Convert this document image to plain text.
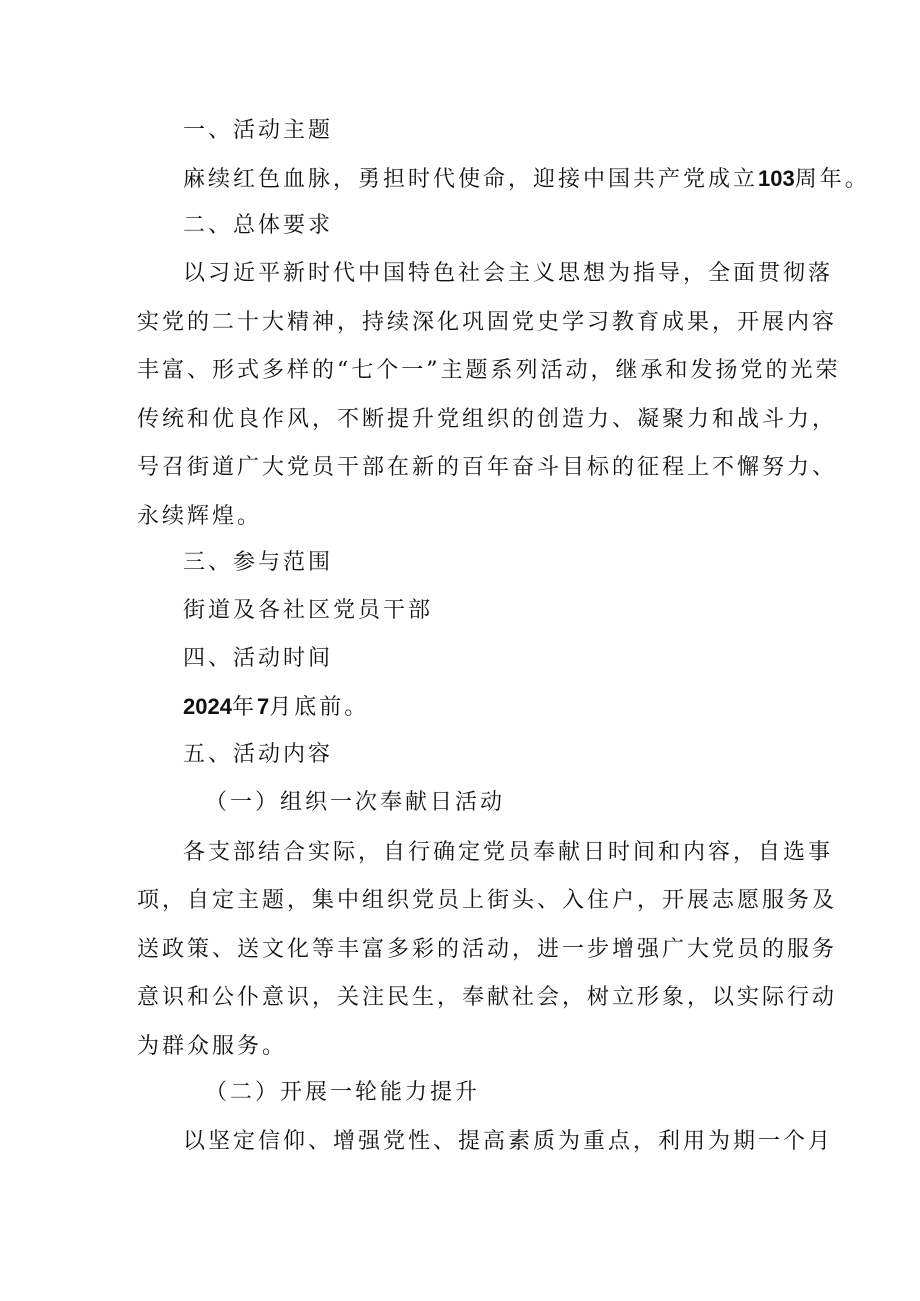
一、活动主题
麻续红色血脉，勇担时代使命，迎接中国共产党成立103周年。
二、总体要求
以习近平新时代中国特色社会主义思想为指导，全面贯彻落
实党的二十大精神，持续深化巩固党史学习教育成果，开展内容
丰富、形式多样的“七个一”主题系列活动，继承和发扬党的光荣
传统和优良作风，不断提升党组织的创造力、凝聚力和战斗力，
号召街道广大党员干部在新的百年奋斗目标的征程上不懈努力、
永续辉煌。
三、参与范围
街道及各社区党员干部
四、活动时间
2024年7月底前。
五、活动内容
（一）组织一次奉献日活动
各支部结合实际，自行确定党员奉献日时间和内容，自选事
项，自定主题，集中组织党员上街头、入住户，开展志愿服务及
送政策、送文化等丰富多彩的活动，进一步增强广大党员的服务
意识和公仆意识，关注民生，奉献社会，树立形象，以实际行动
为群众服务。
（二）开展一轮能力提升
以坚定信仰、增强党性、提高素质为重点，利用为期一个月
